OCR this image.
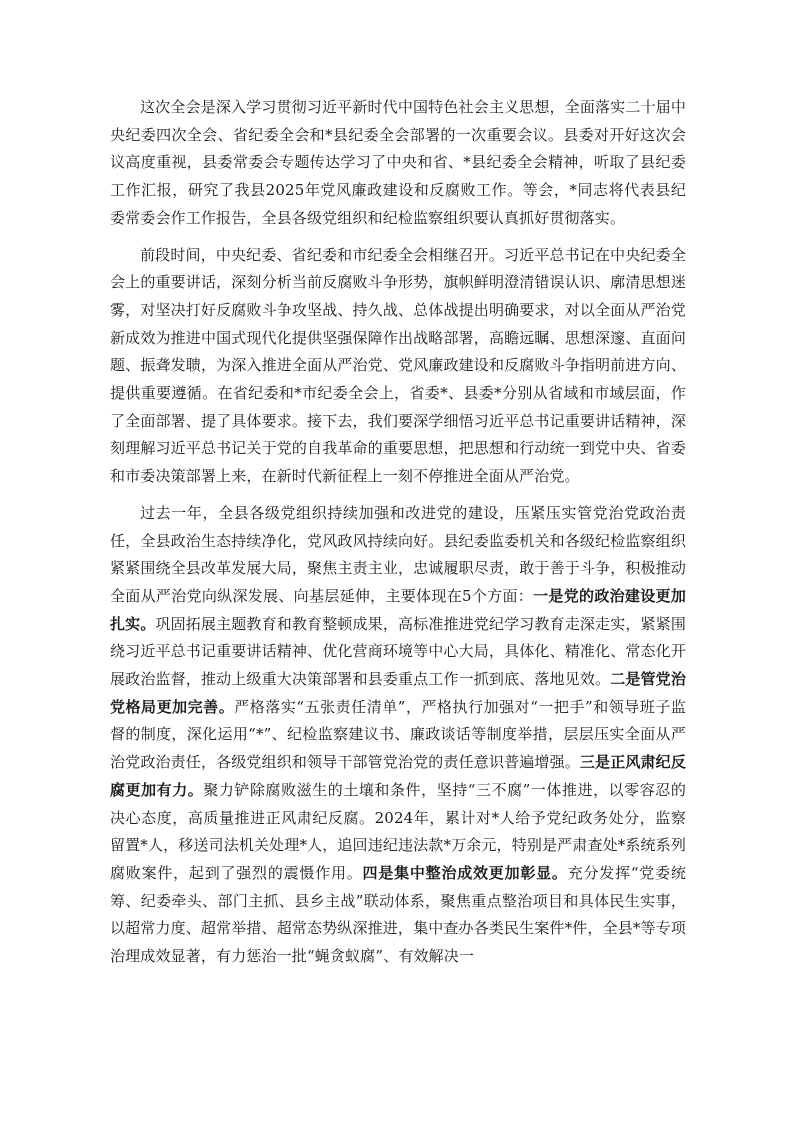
这次全会是深入学习贯彻习近平新时代中国特色社会主义思想，全面落实二十届中央纪委四次全会、省纪委全会和*县纪委全会部署的一次重要会议。县委对开好这次会议高度重视，县委常委会专题传达学习了中央和省、*县纪委全会精神，听取了县纪委工作汇报，研究了我县2025年党风廉政建设和反腐败工作。等会，*同志将代表县纪委常委会作工作报告，全县各级党组织和纪检监察组织要认真抓好贯彻落实。

前段时间，中央纪委、省纪委和市纪委全会相继召开。习近平总书记在中央纪委全会上的重要讲话，深刻分析当前反腐败斗争形势，旗帜鲜明澄清错误认识、廓清思想迷雾，对坚决打好反腐败斗争攻坚战、持久战、总体战提出明确要求，对以全面从严治党新成效为推进中国式现代化提供坚强保障作出战略部署，高瞻远瞩、思想深邃、直面问题、振聋发聩，为深入推进全面从严治党、党风廉政建设和反腐败斗争指明前进方向、提供重要遵循。在省纪委和*市纪委全会上，省委*、县委*分别从省域和市域层面，作了全面部署、提了具体要求。接下去，我们要深学细悟习近平总书记重要讲话精神，深刻理解习近平总书记关于党的自我革命的重要思想，把思想和行动统一到党中央、省委和市委决策部署上来，在新时代新征程上一刻不停推进全面从严治党。

过去一年，全县各级党组织持续加强和改进党的建设，压紧压实管党治党政治责任，全县政治生态持续净化，党风政风持续向好。县纪委监委机关和各级纪检监察组织紧紧围绕全县改革发展大局，聚焦主责主业，忠诚履职尽责，敢于善于斗争，积极推动全面从严治党向纵深发展、向基层延伸，主要体现在5个方面：一是党的政治建设更加扎实。巩固拓展主题教育和教育整顿成果，高标准推进党纪学习教育走深走实，紧紧围绕习近平总书记重要讲话精神、优化营商环境等中心大局，具体化、精准化、常态化开展政治监督，推动上级重大决策部署和县委重点工作一抓到底、落地见效。二是管党治党格局更加完善。严格落实“五张责任清单”，严格执行加强对“一把手”和领导班子监督的制度，深化运用“*”、纪检监察建议书、廉政谈话等制度举措，层层压实全面从严治党政治责任，各级党组织和领导干部管党治党的责任意识普遍增强。三是正风肃纪反腐更加有力。聚力铲除腐败滋生的土壤和条件，坚持“三不腐”一体推进，以零容忍的决心态度，高质量推进正风肃纪反腐。2024年，累计对*人给予党纪政务处分，监察留置*人，移送司法机关处理*人，追回违纪违法款*万余元，特别是严肃查处*系统系列腐败案件，起到了强烈的震慑作用。四是集中整治成效更加彰显。充分发挥“党委统筹、纪委牵头、部门主抓、县乡主战”联动体系，聚焦重点整治项目和具体民生实事，以超常力度、超常举措、超常态势纵深推进，集中查办各类民生案件*件，全县*等专项治理成效显著，有力惩治一批“蝇贪蚁腐”、有效解决一
